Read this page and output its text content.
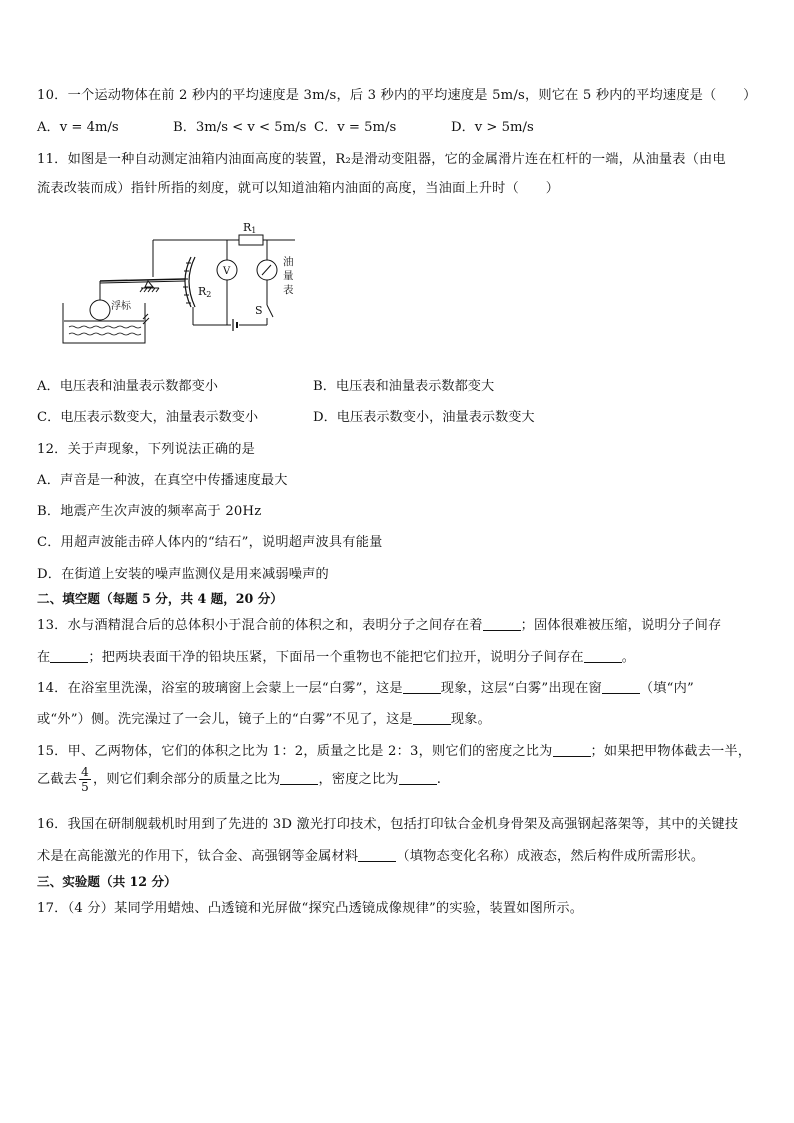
10．一个运动物体在前 2 秒内的平均速度是 3m/s，后 3 秒内的平均速度是 5m/s，则它在 5 秒内的平均速度是（　　）
A．v = 4m/s	B．3m/s < v < 5m/s C．v = 5m/s	D．v > 5m/s
11．如图是一种自动测定油箱内油面高度的装置，R₂是滑动变阻器，它的金属滑片连在杠杆的一端，从油量表（由电
流表改装而成）指针所指的刻度，就可以知道油箱内油面的高度，当油面上升时（　　）
R1
R2
V
S
浮标
油
量
表
A．电压表和油量表示数都变小	B．电压表和油量表示数都变大
C．电压表示数变大，油量表示数变小	D．电压表示数变小，油量表示数变大
12．关于声现象，下列说法正确的是
A．声音是一种波，在真空中传播速度最大
B．地震产生次声波的频率高于 20Hz
C．用超声波能击碎人体内的“结石”，说明超声波具有能量
D．在街道上安装的噪声监测仪是用来减弱噪声的
二、填空题（每题 5 分，共 4 题，20 分）
13．水与酒精混合后的总体积小于混合前的体积之和，表明分子之间存在着	；固体很难被压缩，说明分子间存
在	；把两块表面干净的铅块压紧，下面吊一个重物也不能把它们拉开，说明分子间存在	。
14．在浴室里洗澡，浴室的玻璃窗上会蒙上一层“白雾”，这是	现象，这层“白雾”出现在窗	（填“内”
或“外”）侧。洗完澡过了一会儿，镜子上的“白雾”不见了，这是	现象。
15．甲、乙两物体，它们的体积之比为 1：2，质量之比是 2：3，则它们的密度之比为	；如果把甲物体截去一半，
乙截去 $\frac{4}{5}$ ，则它们剩余部分的质量之比为	，密度之比为	.
16．我国在研制舰载机时用到了先进的 3D 激光打印技术，包括打印钛合金机身骨架及高强钢起落架等，其中的关键技
术是在高能激光的作用下，钛合金、高强钢等金属材料	（填物态变化名称）成液态，然后构件成所需形状。
三、实验题（共 12 分）
17．（4 分）某同学用蜡烛、凸透镜和光屏做“探究凸透镜成像规律”的实验，装置如图所示。
